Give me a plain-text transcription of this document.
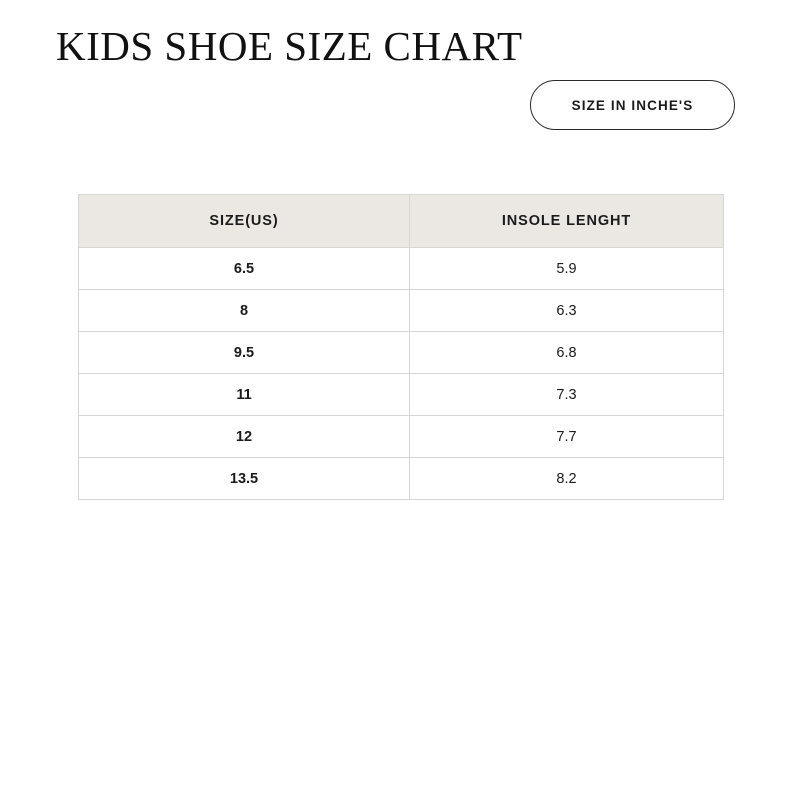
KIDS SHOE SIZE CHART
SIZE IN INCHE'S
SIZE(US)	INSOLE LENGHT
6.5	5.9
8	6.3
9.5	6.8
11	7.3
12	7.7
13.5	8.2
